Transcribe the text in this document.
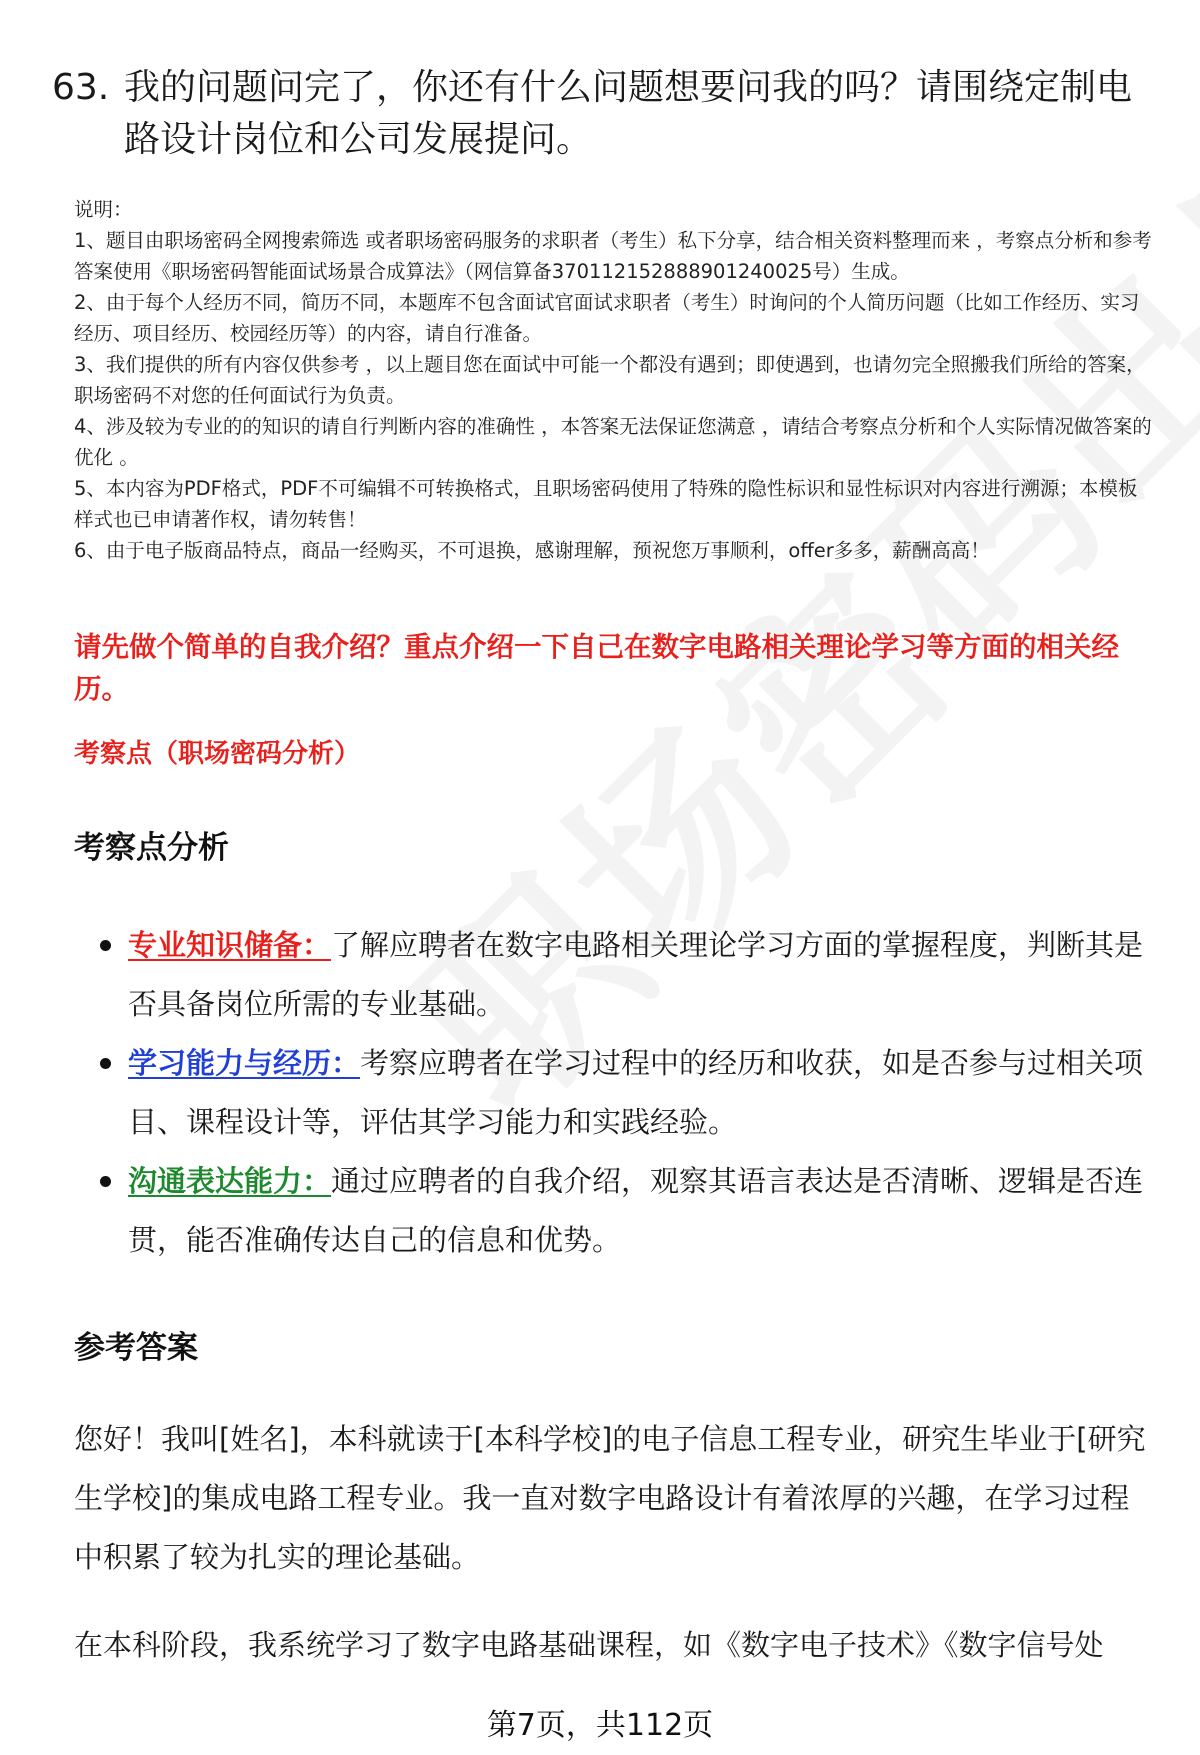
63. 我的问题问完了，你还有什么问题想要问我的吗？请围绕定制电路设计岗位和公司发展提问。

说明：

1、题目由职场密码全网搜索筛选 或者职场密码服务的求职者（考生）私下分享，结合相关资料整理而来 ，考察点分析和参考答案使用《职场密码智能面试场景合成算法》（网信算备370112152888901240025号）生成。

2、由于每个人经历不同，简历不同，本题库不包含面试官面试求职者（考生）时询问的个人简历问题（比如工作经历、实习经历、项目经历、校园经历等）的内容，请自行准备。

3、我们提供的所有内容仅供参考 ，以上题目您在面试中可能一个都没有遇到；即使遇到，也请勿完全照搬我们所给的答案，职场密码不对您的任何面试行为负责。

4、涉及较为专业的的知识的请自行判断内容的准确性 ，本答案无法保证您满意 ，请结合考察点分析和个人实际情况做答案的优化 。

5、本内容为PDF格式，PDF不可编辑不可转换格式，且职场密码使用了特殊的隐性标识和显性标识对内容进行溯源；本模板样式也已申请著作权，请勿转售！

6、由于电子版商品特点，商品一经购买，不可退换，感谢理解，预祝您万事顺利，offer多多，薪酬高高！

请先做个简单的自我介绍？重点介绍一下自己在数字电路相关理论学习等方面的相关经历。
考察点（职场密码分析）
考察点分析
专业知识储备：了解应聘者在数字电路相关理论学习方面的掌握程度，判断其是否具备岗位所需的专业基础。
学习能力与经历：考察应聘者在学习过程中的经历和收获，如是否参与过相关项目、课程设计等，评估其学习能力和实践经验。
沟通表达能力：通过应聘者的自我介绍，观察其语言表达是否清晰、逻辑是否连贯，能否准确传达自己的信息和优势。
参考答案

您好！我叫[姓名]，本科就读于[本科学校]的电子信息工程专业，研究生毕业于[研究生学校]的集成电路工程专业。我一直对数字电路设计有着浓厚的兴趣，在学习过程中积累了较为扎实的理论基础。

在本科阶段，我系统学习了数字电路基础课程，如《数字电子技术》《数字信号处

第7页，共112页
